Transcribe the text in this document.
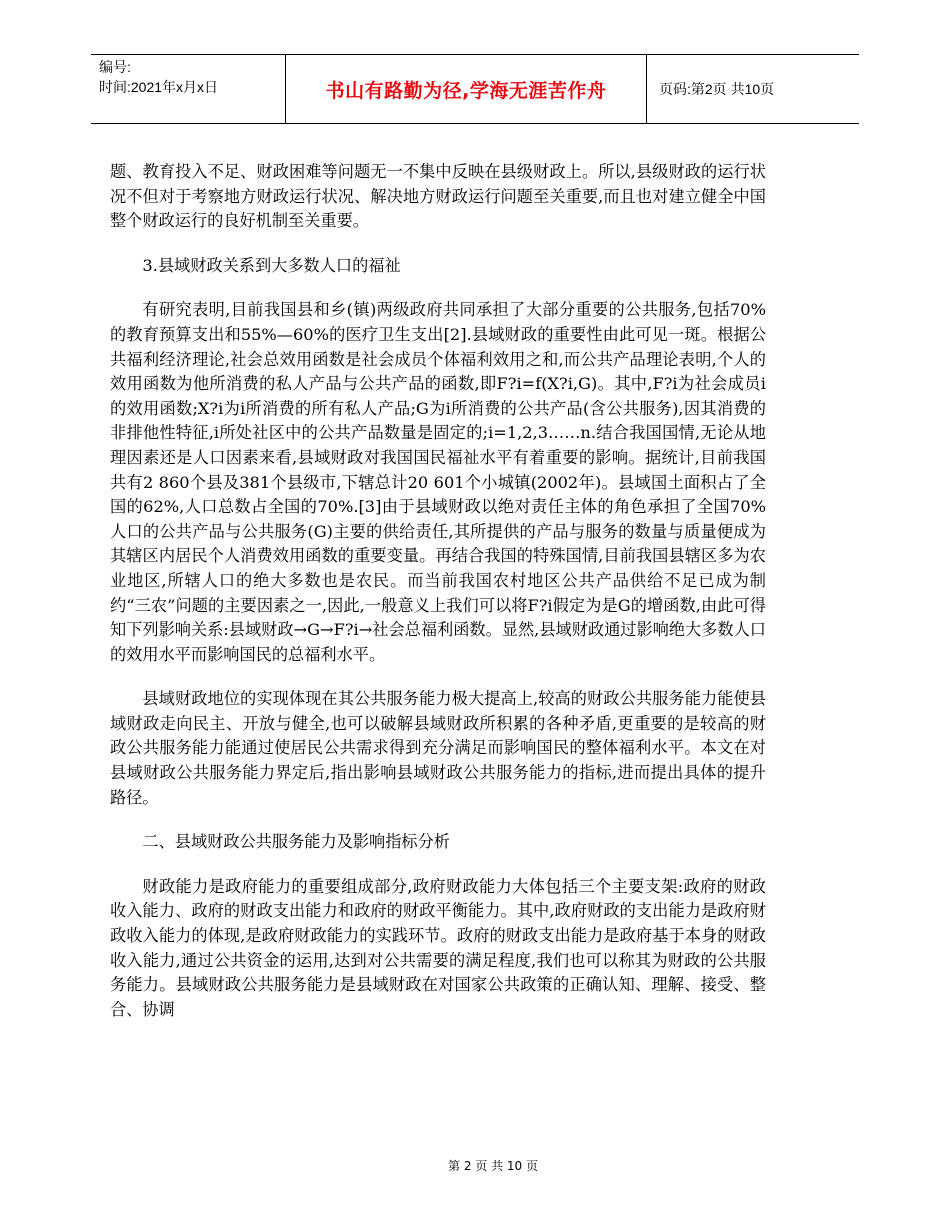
编号:
时间:2021年x月x日	书山有路勤为径,学海无涯苦作舟	页码:第2页 共10页

题、教育投入不足、财政困难等问题无一不集中反映在县级财政上。所以,县级财政的运行状况不但对于考察地方财政运行状况、解决地方财政运行问题至关重要,而且也对建立健全中国整个财政运行的良好机制至关重要。

3.县域财政关系到大多数人口的福祉

有研究表明,目前我国县和乡(镇)两级政府共同承担了大部分重要的公共服务,包括70%的教育预算支出和55%—60%的医疗卫生支出[2].县域财政的重要性由此可见一斑。根据公共福利经济理论,社会总效用函数是社会成员个体福利效用之和,而公共产品理论表明,个人的效用函数为他所消费的私人产品与公共产品的函数,即F?i=f(X?i,G)。其中,F?i为社会成员i的效用函数;X?i为i所消费的所有私人产品;G为i所消费的公共产品(含公共服务),因其消费的非排他性特征,i所处社区中的公共产品数量是固定的;i=1,2,3……n.结合我国国情,无论从地理因素还是人口因素来看,县域财政对我国国民福祉水平有着重要的影响。据统计,目前我国共有2 860个县及381个县级市,下辖总计20 601个小城镇(2002年)。县域国土面积占了全国的62%,人口总数占全国的70%.[3]由于县域财政以绝对责任主体的角色承担了全国70%人口的公共产品与公共服务(G)主要的供给责任,其所提供的产品与服务的数量与质量便成为其辖区内居民个人消费效用函数的重要变量。再结合我国的特殊国情,目前我国县辖区多为农业地区,所辖人口的绝大多数也是农民。而当前我国农村地区公共产品供给不足已成为制约“三农”问题的主要因素之一,因此,一般意义上我们可以将F?i假定为是G的增函数,由此可得知下列影响关系:县域财政→G→F?i→社会总福利函数。显然,县域财政通过影响绝大多数人口的效用水平而影响国民的总福利水平。

县域财政地位的实现体现在其公共服务能力极大提高上,较高的财政公共服务能力能使县域财政走向民主、开放与健全,也可以破解县域财政所积累的各种矛盾,更重要的是较高的财政公共服务能力能通过使居民公共需求得到充分满足而影响国民的整体福利水平。本文在对县域财政公共服务能力界定后,指出影响县域财政公共服务能力的指标,进而提出具体的提升路径。

二、县域财政公共服务能力及影响指标分析

财政能力是政府能力的重要组成部分,政府财政能力大体包括三个主要支架:政府的财政收入能力、政府的财政支出能力和政府的财政平衡能力。其中,政府财政的支出能力是政府财政收入能力的体现,是政府财政能力的实践环节。政府的财政支出能力是政府基于本身的财政收入能力,通过公共资金的运用,达到对公共需要的满足程度,我们也可以称其为财政的公共服务能力。县域财政公共服务能力是县域财政在对国家公共政策的正确认知、理解、接受、整合、协调

第 2 页 共 10 页
